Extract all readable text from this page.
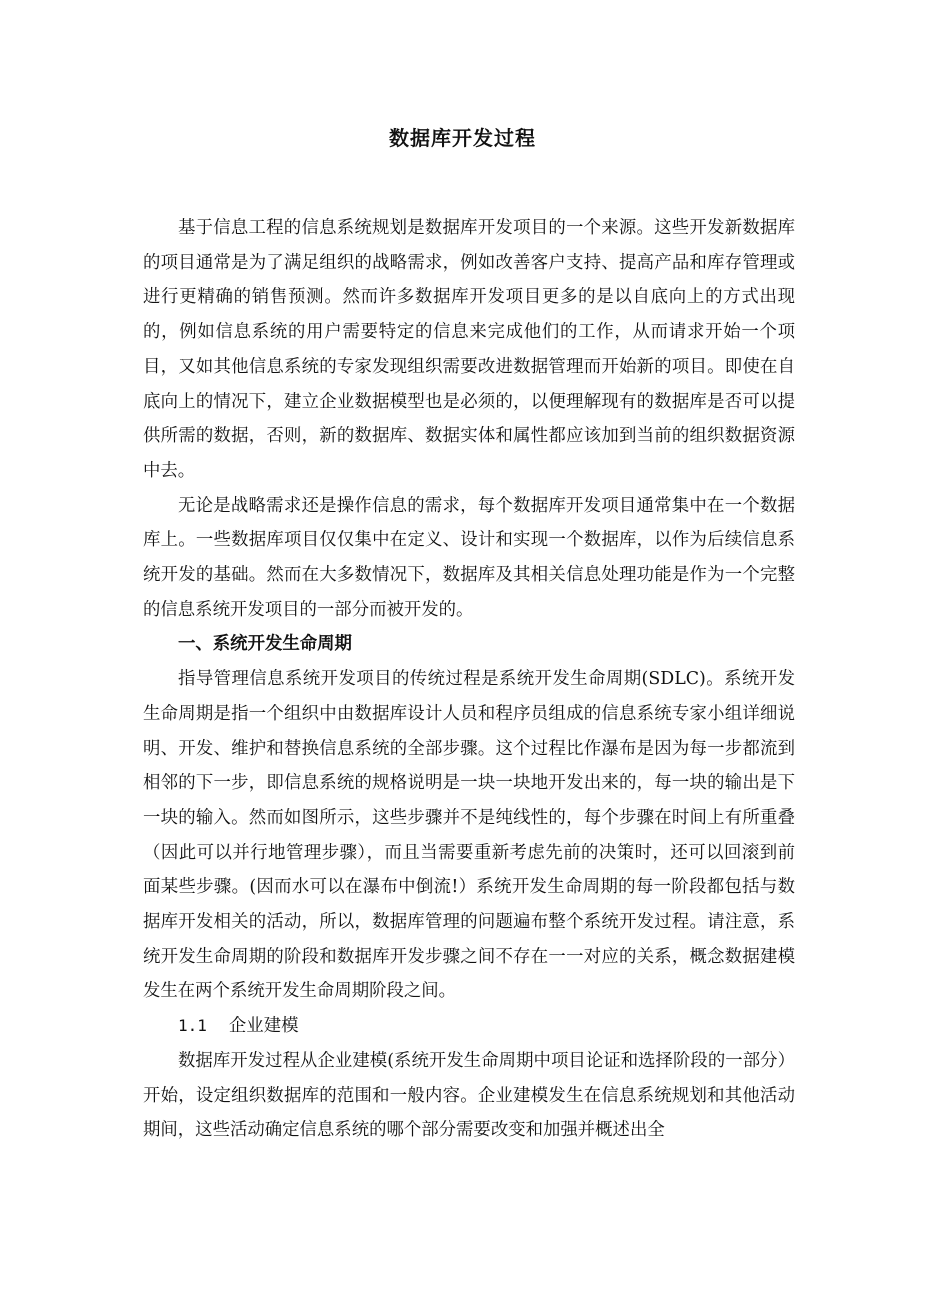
数据库开发过程

基于信息工程的信息系统规划是数据库开发项目的一个来源。这些开发新数据库的项目通常是为了满足组织的战略需求，例如改善客户支持、提高产品和库存管理或进行更精确的销售预测。然而许多数据库开发项目更多的是以自底向上的方式出现的，例如信息系统的用户需要特定的信息来完成他们的工作，从而请求开始一个项目，又如其他信息系统的专家发现组织需要改进数据管理而开始新的项目。即使在自底向上的情况下，建立企业数据模型也是必须的，以便理解现有的数据库是否可以提供所需的数据，否则，新的数据库、数据实体和属性都应该加到当前的组织数据资源中去。

无论是战略需求还是操作信息的需求，每个数据库开发项目通常集中在一个数据库上。一些数据库项目仅仅集中在定义、设计和实现一个数据库，以作为后续信息系统开发的基础。然而在大多数情况下，数据库及其相关信息处理功能是作为一个完整的信息系统开发项目的一部分而被开发的。

一、系统开发生命周期

指导管理信息系统开发项目的传统过程是系统开发生命周期(SDLC)。系统开发生命周期是指一个组织中由数据库设计人员和程序员组成的信息系统专家小组详细说明、开发、维护和替换信息系统的全部步骤。这个过程比作瀑布是因为每一步都流到相邻的下一步，即信息系统的规格说明是一块一块地开发出来的，每一块的输出是下一块的输入。然而如图所示，这些步骤并不是纯线性的，每个步骤在时间上有所重叠（因此可以并行地管理步骤），而且当需要重新考虑先前的决策时，还可以回滚到前面某些步骤。(因而水可以在瀑布中倒流!）系统开发生命周期的每一阶段都包括与数据库开发相关的活动，所以，数据库管理的问题遍布整个系统开发过程。请注意，系统开发生命周期的阶段和数据库开发步骤之间不存在一一对应的关系，概念数据建模发生在两个系统开发生命周期阶段之间。

1.1 企业建模

数据库开发过程从企业建模(系统开发生命周期中项目论证和选择阶段的一部分）开始，设定组织数据库的范围和一般内容。企业建模发生在信息系统规划和其他活动期间，这些活动确定信息系统的哪个部分需要改变和加强并概述出全
